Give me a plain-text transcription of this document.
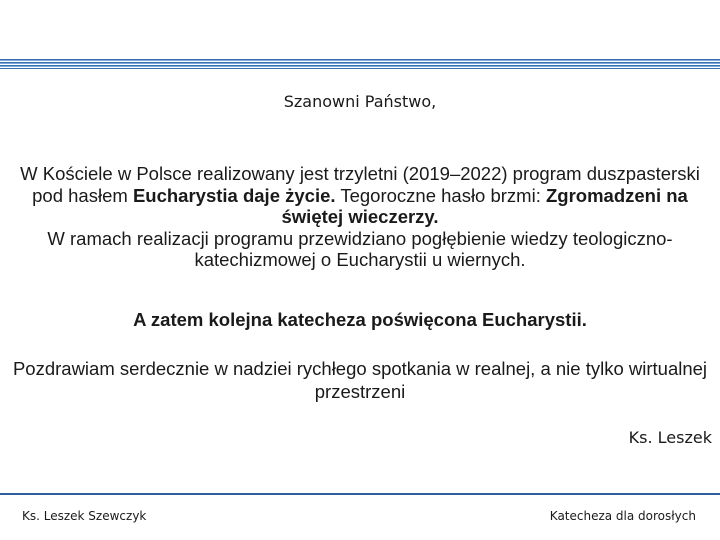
Szanowni Państwo,
W Kościele w Polsce realizowany jest trzyletni (2019–2022) program duszpasterski pod hasłem Eucharystia daje życie. Tegoroczne hasło brzmi: Zgromadzeni na świętej wieczerzy.
W ramach realizacji programu przewidziano pogłębienie wiedzy teologiczno-katechizmowej o Eucharystii u wiernych.
A zatem kolejna katecheza poświęcona Eucharystii.
Pozdrawiam serdecznie w nadziei rychłego spotkania w realnej, a nie tylko wirtualnej przestrzeni
Ks. Leszek
Ks. Leszek Szewczyk	Katecheza dla dorosłych
